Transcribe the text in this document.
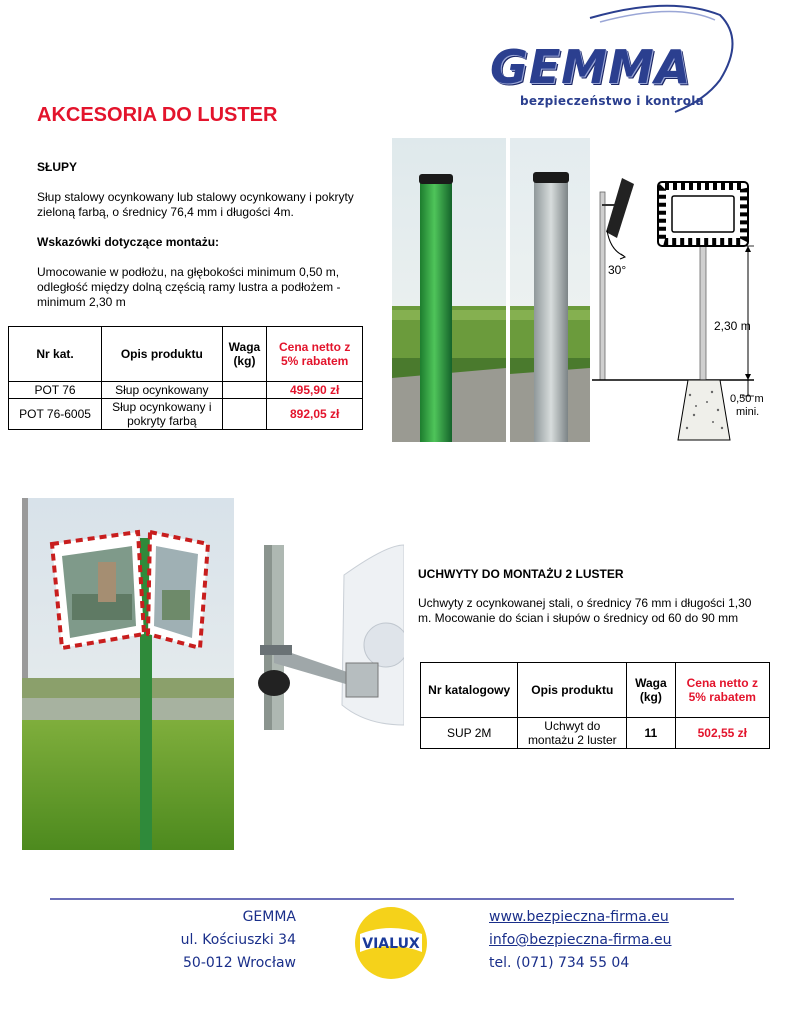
GEMMA
bezpieczeństwo i kontrola
AKCESORIA DO LUSTER
SŁUPY
Słup stalowy ocynkowany lub stalowy ocynkowany i pokryty zieloną farbą, o średnicy 76,4 mm i długości 4m.
Wskazówki dotyczące montażu:
Umocowanie w podłożu, na głębokości minimum 0,50 m, odległość między dolną częścią ramy lustra a podłożem - minimum 2,30 m
Nr kat.	Opis produktu	Waga (kg)	Cena netto z 5% rabatem
POT 76	Słup ocynkowany		495,90 zł
POT 76-6005	Słup ocynkowany i pokryty farbą		892,05 zł
30°
2,30 m
0,50 m
mini.
UCHWYTY DO MONTAŻU 2 LUSTER
Uchwyty z ocynkowanej stali, o średnicy 76 mm i długości 1,30 m. Mocowanie do ścian i słupów o średnicy od 60 do 90 mm
Nr katalogowy	Opis produktu	Waga (kg)	Cena netto z 5% rabatem
SUP 2M	Uchwyt do montażu 2 luster	11	502,55 zł
GEMMA
ul. Kościuszki 34
50-012 Wrocław
VIALUX
www.bezpieczna-firma.eu
info@bezpieczna-firma.eu
tel. (071) 734 55 04
